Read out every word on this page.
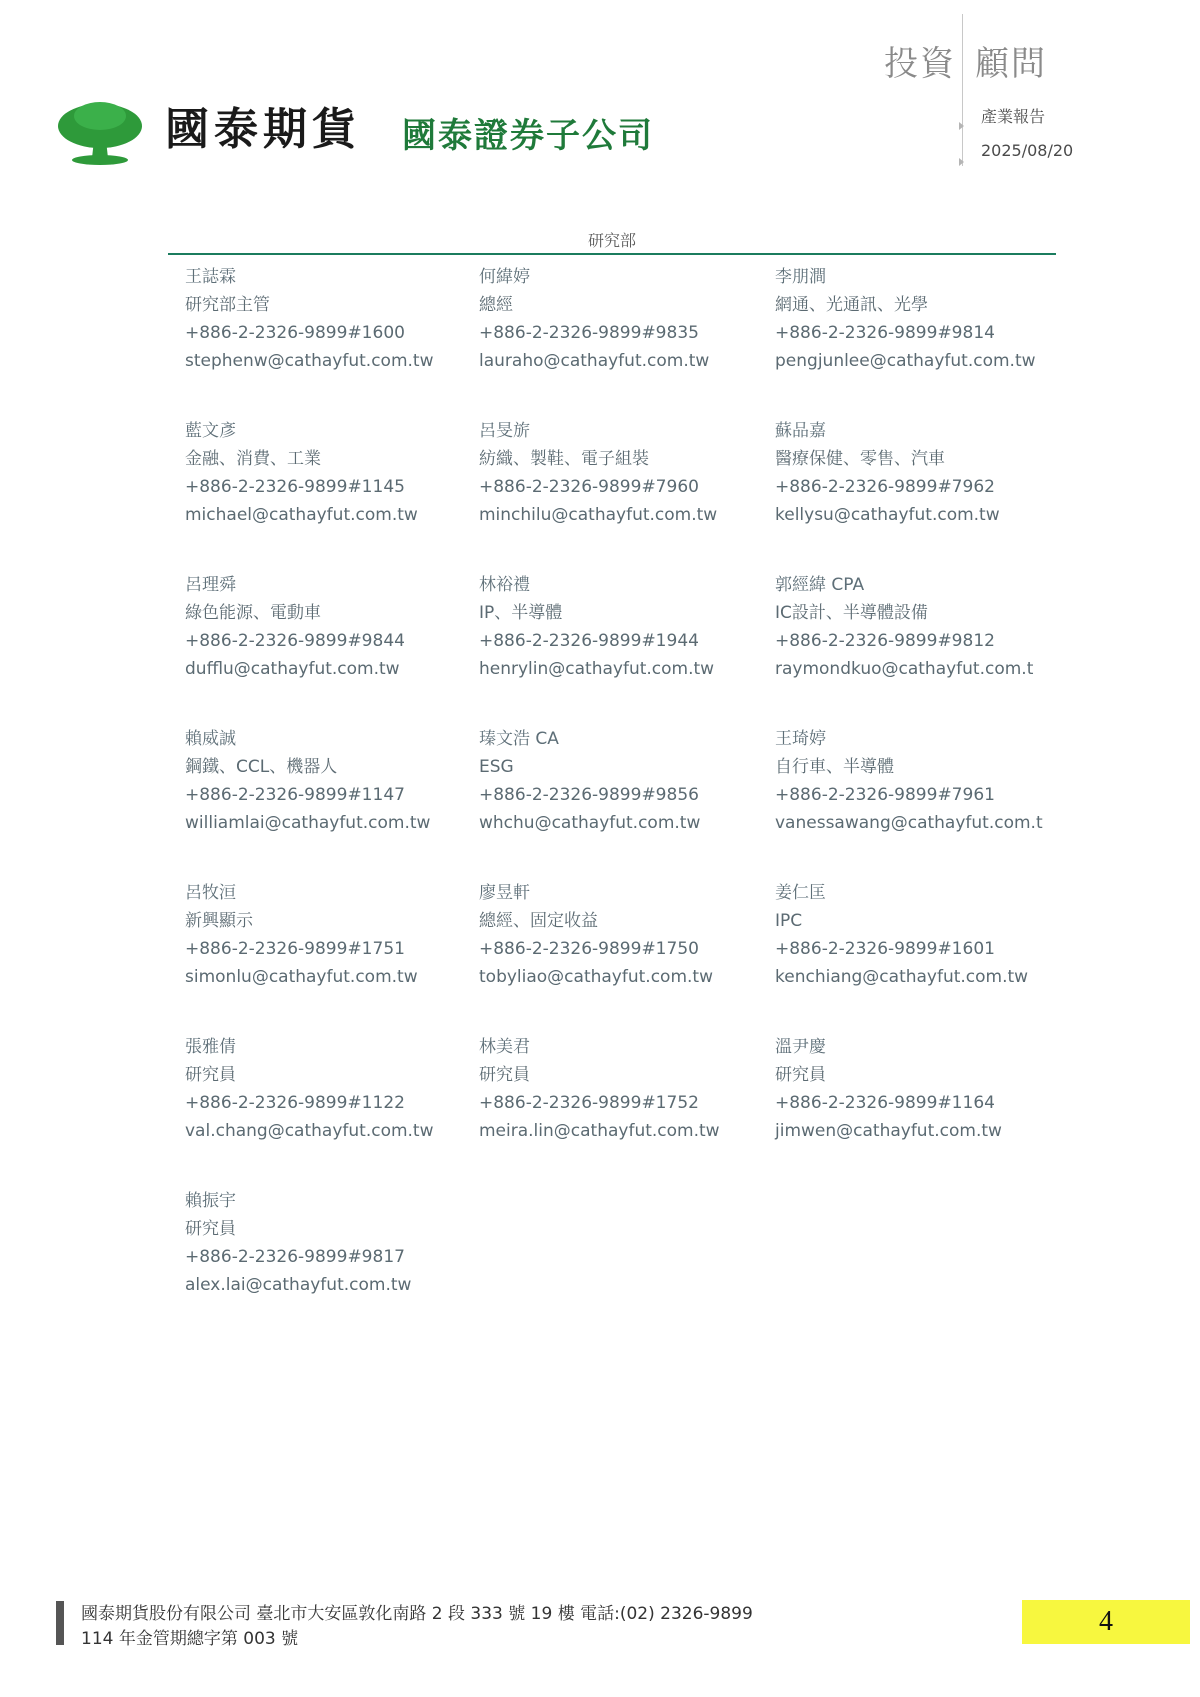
國泰期貨 國泰證券子公司
投資 顧問
產業報告
2025/08/20
研究部
王誌霖
研究部主管
+886-2-2326-9899#1600
stephenw@cathayfut.com.tw
何緯婷
總經
+886-2-2326-9899#9835
lauraho@cathayfut.com.tw
李朋澗
網通、光通訊、光學
+886-2-2326-9899#9814
pengjunlee@cathayfut.com.tw
藍文彥
金融、消費、工業
+886-2-2326-9899#1145
michael@cathayfut.com.tw
呂旻旂
紡織、製鞋、電子組裝
+886-2-2326-9899#7960
minchilu@cathayfut.com.tw
蘇品嘉
醫療保健、零售、汽車
+886-2-2326-9899#7962
kellysu@cathayfut.com.tw
呂理舜
綠色能源、電動車
+886-2-2326-9899#9844
dufflu@cathayfut.com.tw
林裕禮
IP、半導體
+886-2-2326-9899#1944
henrylin@cathayfut.com.tw
郭經緯 CPA
IC設計、半導體設備
+886-2-2326-9899#9812
raymondkuo@cathayfut.com.t
賴威誠
鋼鐵、CCL、機器人
+886-2-2326-9899#1147
williamlai@cathayfut.com.tw
瑧文浩 CA
ESG
+886-2-2326-9899#9856
whchu@cathayfut.com.tw
王琦婷
自行車、半導體
+886-2-2326-9899#7961
vanessawang@cathayfut.com.t
呂牧洹
新興顯示
+886-2-2326-9899#1751
simonlu@cathayfut.com.tw
廖昱軒
總經、固定收益
+886-2-2326-9899#1750
tobyliao@cathayfut.com.tw
姜仁匡
IPC
+886-2-2326-9899#1601
kenchiang@cathayfut.com.tw
張雅倩
研究員
+886-2-2326-9899#1122
val.chang@cathayfut.com.tw
林美君
研究員
+886-2-2326-9899#1752
meira.lin@cathayfut.com.tw
溫尹慶
研究員
+886-2-2326-9899#1164
jimwen@cathayfut.com.tw
賴振宇
研究員
+886-2-2326-9899#9817
alex.lai@cathayfut.com.tw
國泰期貨股份有限公司 臺北市大安區敦化南路 2 段 333 號 19 樓 電話:(02) 2326-9899
114 年金管期總字第 003 號
4
